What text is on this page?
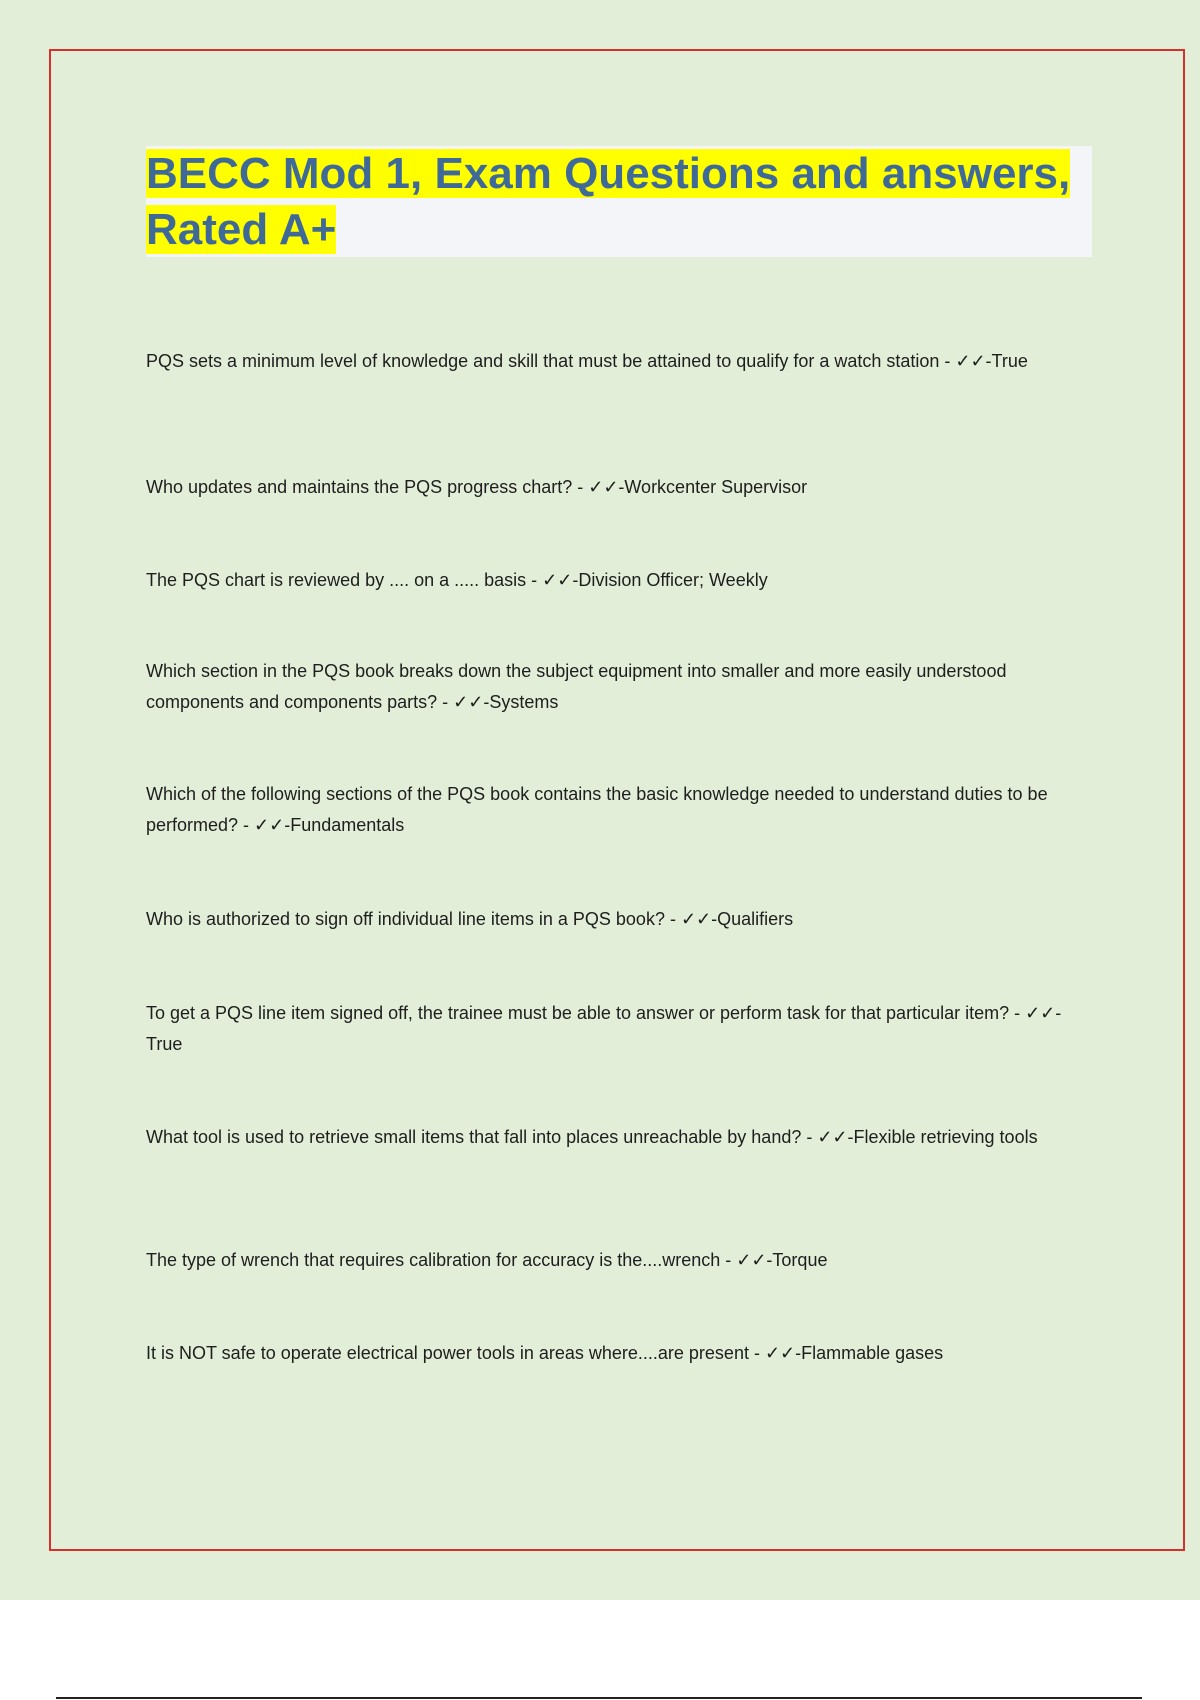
BECC Mod 1, Exam Questions and answers, Rated A+

PQS sets a minimum level of knowledge and skill that must be attained to qualify for a watch station - ✓✓-True

Who updates and maintains the PQS progress chart? - ✓✓-Workcenter Supervisor

The PQS chart is reviewed by .... on a ..... basis - ✓✓-Division Officer; Weekly

Which section in the PQS book breaks down the subject equipment into smaller and more easily understood components and components parts? - ✓✓-Systems

Which of the following sections of the PQS book contains the basic knowledge needed to understand duties to be performed? - ✓✓-Fundamentals

Who is authorized to sign off individual line items in a PQS book? - ✓✓-Qualifiers

To get a PQS line item signed off, the trainee must be able to answer or perform task for that particular item? - ✓✓-True

What tool is used to retrieve small items that fall into places unreachable by hand? - ✓✓-Flexible retrieving tools

The type of wrench that requires calibration for accuracy is the....wrench - ✓✓-Torque

It is NOT safe to operate electrical power tools in areas where....are present - ✓✓-Flammable gases
